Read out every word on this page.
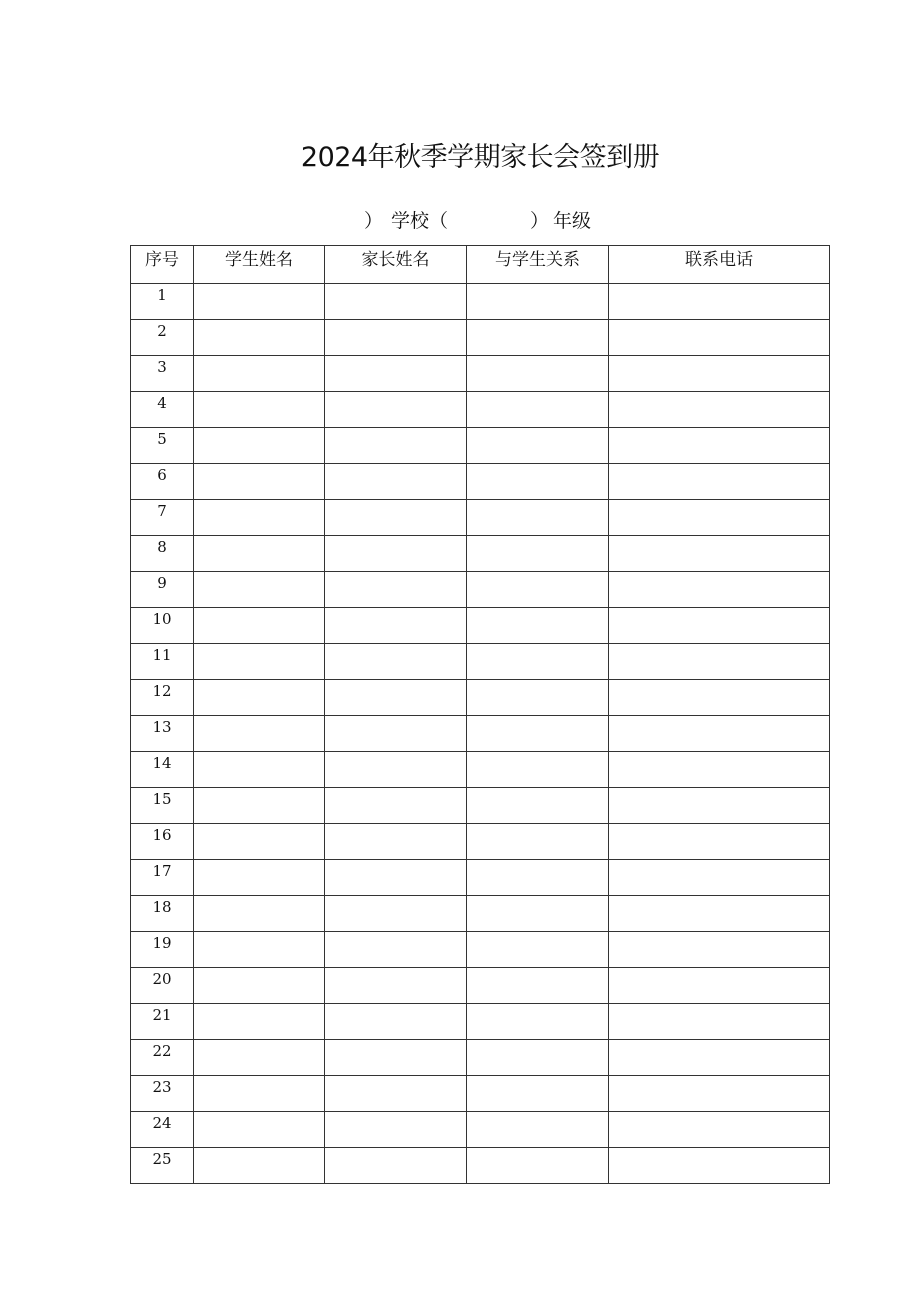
2024年秋季学期家长会签到册
） 学校（	） 年级
序号	学生姓名	家长姓名	与学生关系	联系电话
1				
2				
3				
4				
5				
6				
7				
8				
9				
10				
11				
12				
13				
14				
15				
16				
17				
18				
19				
20				
21				
22				
23				
24				
25				
